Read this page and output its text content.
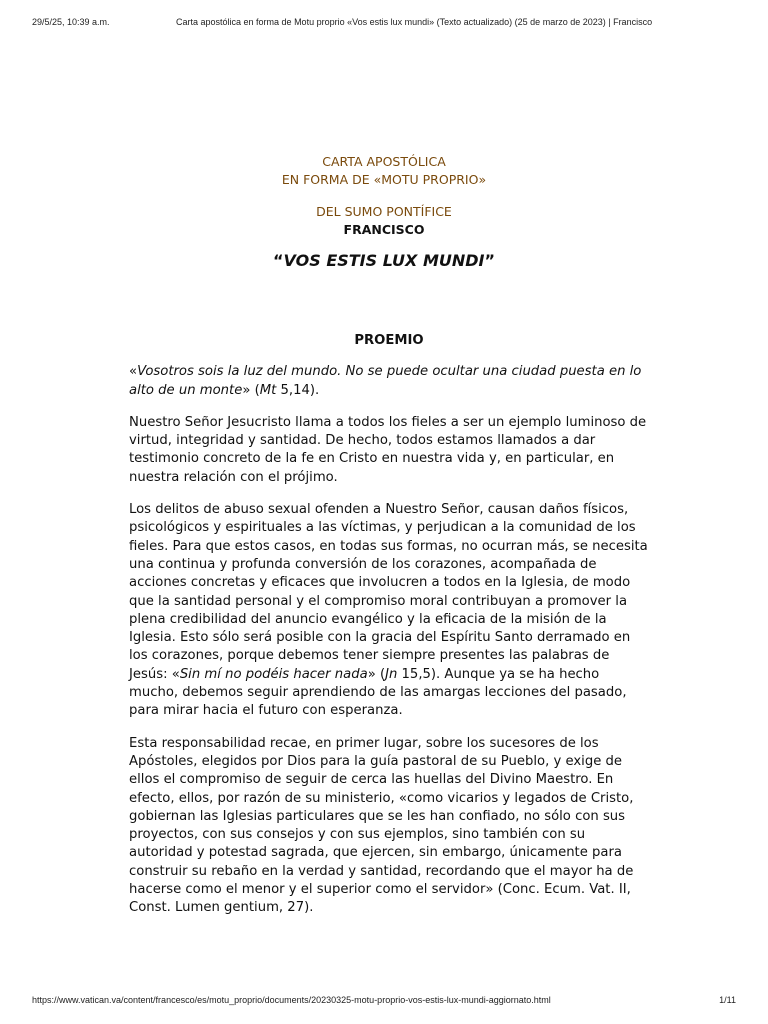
29/5/25, 10:39 a.m.	Carta apostólica en forma de Motu proprio «Vos estis lux mundi» (Texto actualizado) (25 de marzo de 2023) | Francisco
CARTA APOSTÓLICA
EN FORMA DE «MOTU PROPRIO»
DEL SUMO PONTÍFICE
FRANCISCO
“VOS ESTIS LUX MUNDI”
PROEMIO

«Vosotros sois la luz del mundo. No se puede ocultar una ciudad puesta en lo alto de un monte» (Mt 5,14).

Nuestro Señor Jesucristo llama a todos los fieles a ser un ejemplo luminoso de virtud, integridad y santidad. De hecho, todos estamos llamados a dar testimonio concreto de la fe en Cristo en nuestra vida y, en particular, en nuestra relación con el prójimo.

Los delitos de abuso sexual ofenden a Nuestro Señor, causan daños físicos, psicológicos y espirituales a las víctimas, y perjudican a la comunidad de los fieles. Para que estos casos, en todas sus formas, no ocurran más, se necesita una continua y profunda conversión de los corazones, acompañada de acciones concretas y eficaces que involucren a todos en la Iglesia, de modo que la santidad personal y el compromiso moral contribuyan a promover la plena credibilidad del anuncio evangélico y la eficacia de la misión de la Iglesia. Esto sólo será posible con la gracia del Espíritu Santo derramado en los corazones, porque debemos tener siempre presentes las palabras de Jesús: «Sin mí no podéis hacer nada» (Jn 15,5). Aunque ya se ha hecho mucho, debemos seguir aprendiendo de las amargas lecciones del pasado, para mirar hacia el futuro con esperanza.

Esta responsabilidad recae, en primer lugar, sobre los sucesores de los Apóstoles, elegidos por Dios para la guía pastoral de su Pueblo, y exige de ellos el compromiso de seguir de cerca las huellas del Divino Maestro. En efecto, ellos, por razón de su ministerio, «como vicarios y legados de Cristo, gobiernan las Iglesias particulares que se les han confiado, no sólo con sus proyectos, con sus consejos y con sus ejemplos, sino también con su autoridad y potestad sagrada, que ejercen, sin embargo, únicamente para construir su rebaño en la verdad y santidad, recordando que el mayor ha de hacerse como el menor y el superior como el servidor» (Conc. Ecum. Vat. II, Const. Lumen gentium, 27).

https://www.vatican.va/content/francesco/es/motu_proprio/documents/20230325-motu-proprio-vos-estis-lux-mundi-aggiornato.html	1/11
